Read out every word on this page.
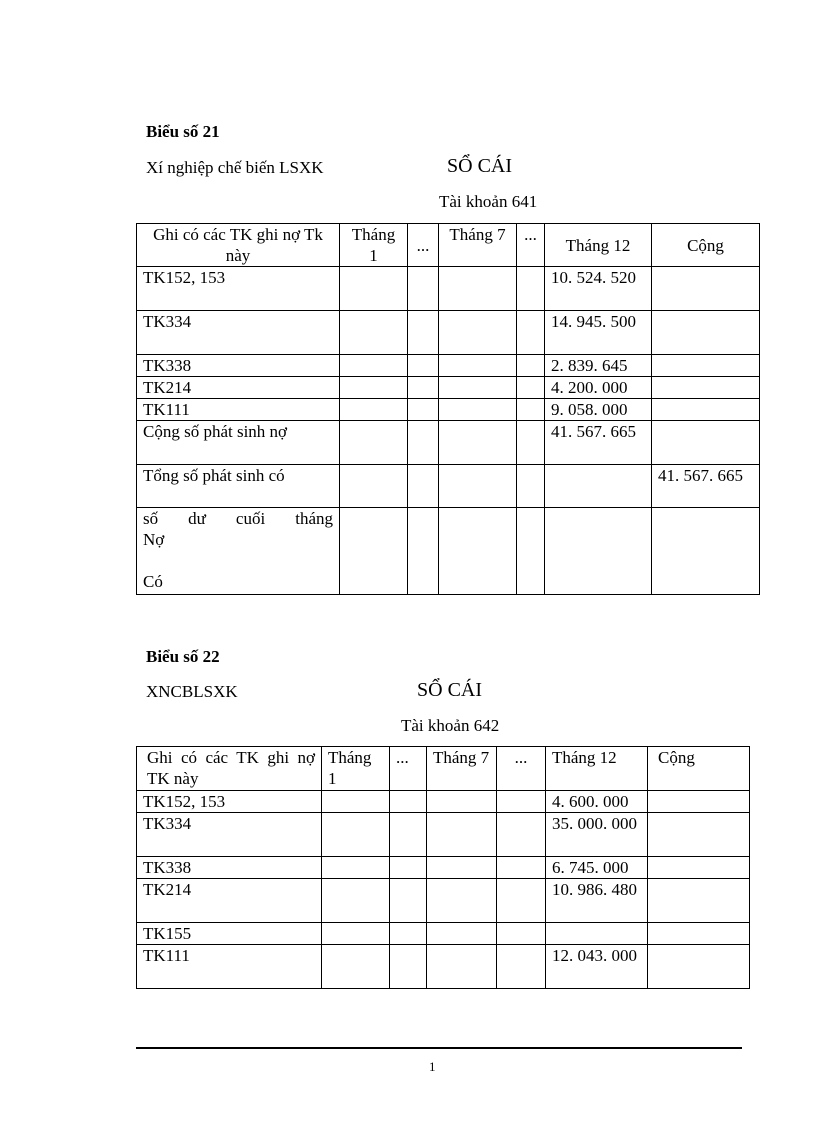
Biểu số 21
Xí nghiệp chế biến LSXK	SỔ CÁI
Tài khoản 641
Ghi có các TK ghi nợ Tk này	Tháng 1	...	Tháng 7	...	Tháng 12	Cộng
TK152, 153					10. 524. 520	
TK334					14. 945. 500	
TK338					2. 839. 645	
TK214					4. 200. 000	
TK111					9. 058. 000	
Cộng số phát sinh nợ					41. 567. 665	
Tổng số phát sinh có						41. 567. 665

số dư cuối tháng
Nợ
Có						

Biểu số 22
XNCBLSXK	SỔ CÁI
Tài khoản 642
Ghi có các TK ghi nợ TK này	Tháng 1	...	Tháng 7	...	Tháng 12	Cộng
TK152, 153					4. 600. 000	
TK334					35. 000. 000	
TK338					6. 745. 000	
TK214					10. 986. 480	
TK155						
TK111					12. 043. 000	
1
